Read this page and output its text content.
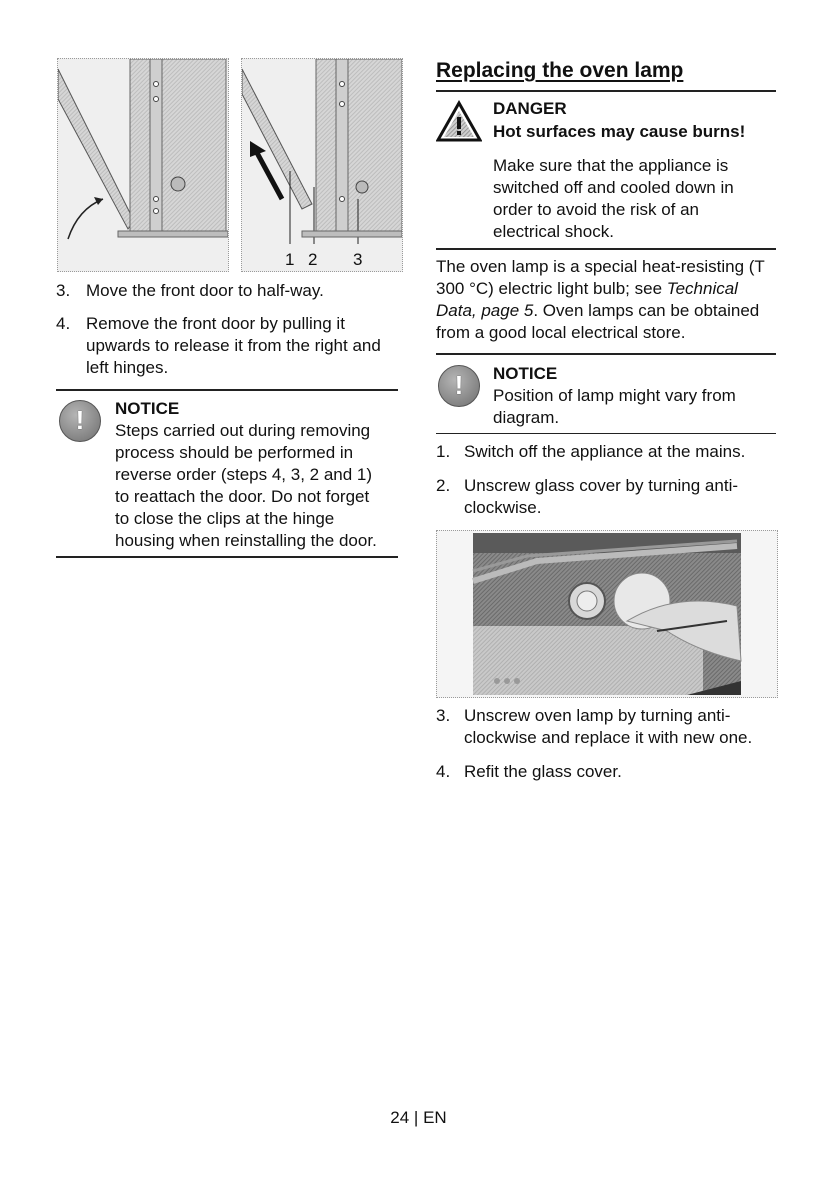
1 2 3
3. Move the front door to half-way.
4. Remove the front door by pulling it
upwards to release it from the right and
left hinges.
!	NOTICE
Steps carried out during removing
process should be performed in
reverse order (steps 4, 3, 2 and 1)
to reattach the door. Do not forget
to close the clips at the hinge
housing when reinstalling the door.
Replacing the oven lamp
DANGER
Hot surfaces may cause burns!
Make sure that the appliance is
switched off and cooled down in
order to avoid the risk of an
electrical shock.
The oven lamp is a special heat-resisting (T
300 °C) electric light bulb; see Technical
Data, page 5. Oven lamps can be obtained
from a good local electrical store.
!	NOTICE
Position of lamp might vary from
diagram.
1. Switch off the appliance at the mains.
2. Unscrew glass cover by turning anti-
clockwise.
3. Unscrew oven lamp by turning anti-
clockwise and replace it with new one.
4. Refit the glass cover.
24 | EN
